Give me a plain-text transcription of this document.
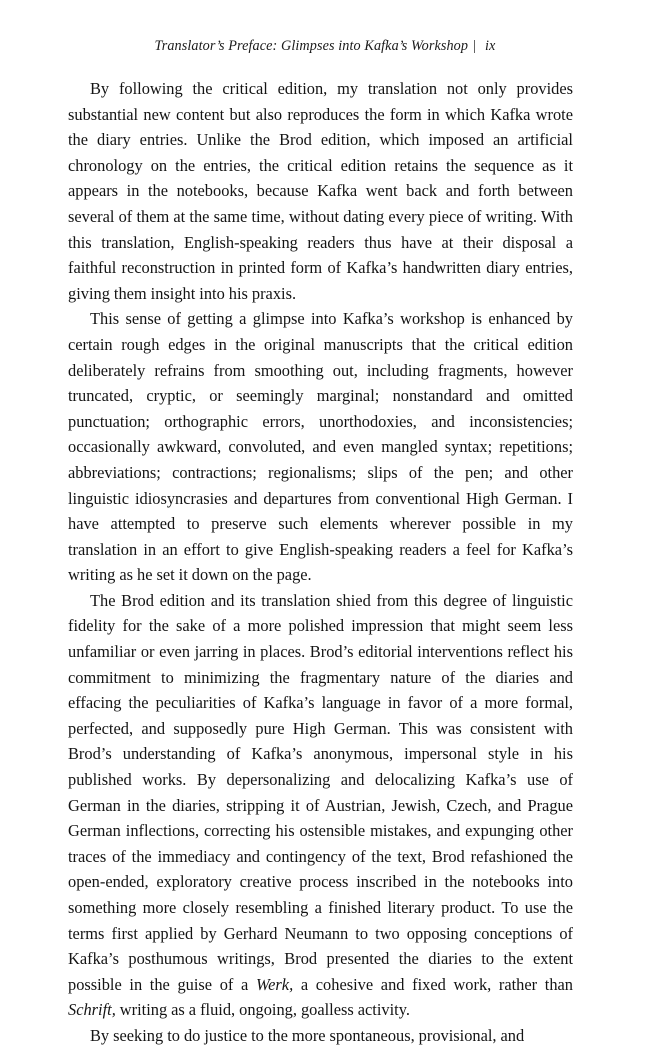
Translator’s Preface: Glimpses into Kafka’s Workshop | ix

By following the critical edition, my translation not only provides substantial new content but also reproduces the form in which Kafka wrote the diary entries. Unlike the Brod edition, which imposed an artificial chronology on the entries, the critical edition retains the sequence as it appears in the notebooks, because Kafka went back and forth between several of them at the same time, without dating every piece of writing. With this translation, English-speaking readers thus have at their disposal a faithful reconstruction in printed form of Kafka’s handwritten diary entries, giving them insight into his praxis.

This sense of getting a glimpse into Kafka’s workshop is enhanced by certain rough edges in the original manuscripts that the critical edition deliberately refrains from smoothing out, including fragments, however truncated, cryptic, or seemingly marginal; nonstandard and omitted punctuation; orthographic errors, unorthodoxies, and inconsistencies; occasionally awkward, convoluted, and even mangled syntax; repetitions; abbreviations; contractions; regionalisms; slips of the pen; and other linguistic idiosyncrasies and departures from conventional High German. I have attempted to preserve such elements wherever possible in my translation in an effort to give English-speaking readers a feel for Kafka’s writing as he set it down on the page.

The Brod edition and its translation shied from this degree of linguistic fidelity for the sake of a more polished impression that might seem less unfamiliar or even jarring in places. Brod’s editorial interventions reflect his commitment to minimizing the fragmentary nature of the diaries and effacing the peculiarities of Kafka’s language in favor of a more formal, perfected, and supposedly pure High German. This was consistent with Brod’s understanding of Kafka’s anonymous, impersonal style in his published works. By depersonalizing and delocalizing Kafka’s use of German in the diaries, stripping it of Austrian, Jewish, Czech, and Prague German inflections, correcting his ostensible mistakes, and expunging other traces of the immediacy and contingency of the text, Brod refashioned the open-ended, exploratory creative process inscribed in the notebooks into something more closely resembling a finished literary product. To use the terms first applied by Gerhard Neumann to two opposing conceptions of Kafka’s posthumous writings, Brod presented the diaries to the extent possible in the guise of a Werk, a cohesive and fixed work, rather than Schrift, writing as a fluid, ongoing, goalless activity.

By seeking to do justice to the more spontaneous, provisional, and
